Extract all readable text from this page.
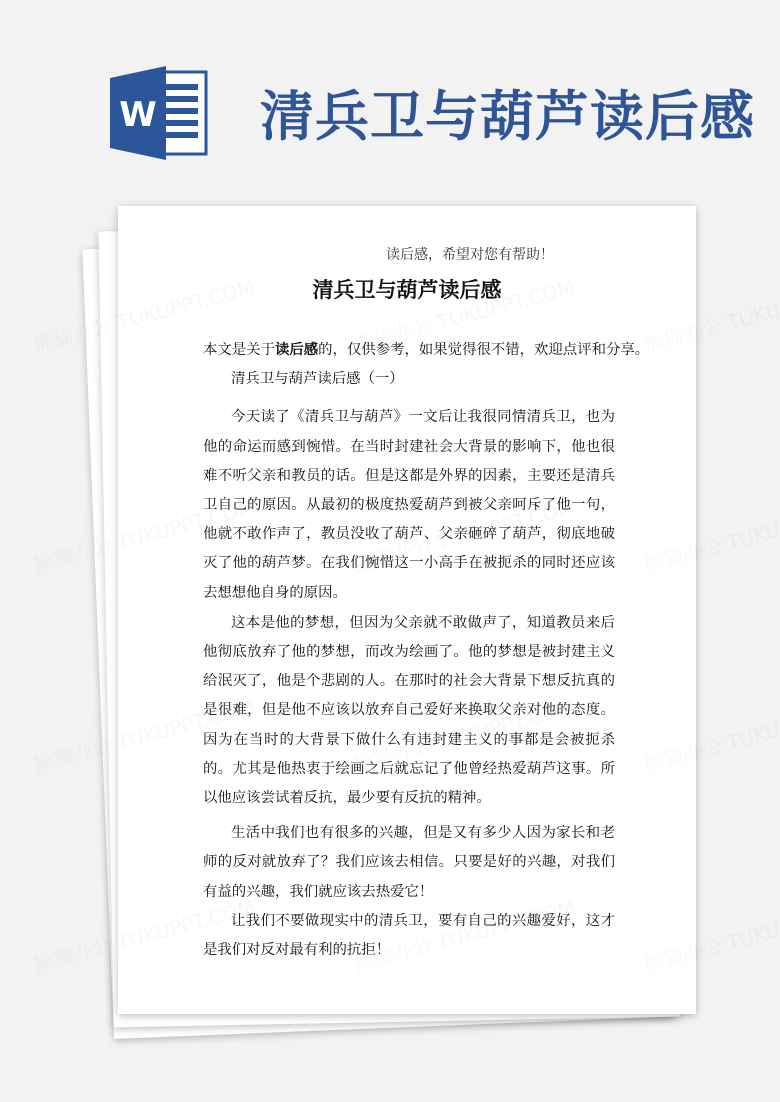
W 清兵卫与葫芦读后感
读后感，希望对您有帮助！
清兵卫与葫芦读后感

本文是关于读后感的，仅供参考，如果觉得很不错，欢迎点评和分享。

清兵卫与葫芦读后感（一）

今天读了《清兵卫与葫芦》一文后让我很同情清兵卫，也为他的命运而感到惋惜。在当时封建社会大背景的影响下，他也很难不听父亲和教员的话。但是这都是外界的因素，主要还是清兵卫自己的原因。从最初的极度热爱葫芦到被父亲呵斥了他一句，他就不敢作声了，教员没收了葫芦、父亲砸碎了葫芦，彻底地破灭了他的葫芦梦。在我们惋惜这一小高手在被扼杀的同时还应该去想想他自身的原因。

这本是他的梦想，但因为父亲就不敢做声了，知道教员来后他彻底放弃了他的梦想，而改为绘画了。他的梦想是被封建主义给泯灭了，他是个悲剧的人。在那时的社会大背景下想反抗真的是很难，但是他不应该以放弃自己爱好来换取父亲对他的态度。因为在当时的大背景下做什么有违封建主义的事都是会被扼杀的。尤其是他热衷于绘画之后就忘记了他曾经热爱葫芦这事。所以他应该尝试着反抗，最少要有反抗的精神。

生活中我们也有很多的兴趣，但是又有多少人因为家长和老师的反对就放弃了？我们应该去相信。只要是好的兴趣，对我们有益的兴趣，我们就应该去热爱它！

让我们不要做现实中的清兵卫，要有自己的兴趣爱好，这才是我们对反对最有利的抗拒！
